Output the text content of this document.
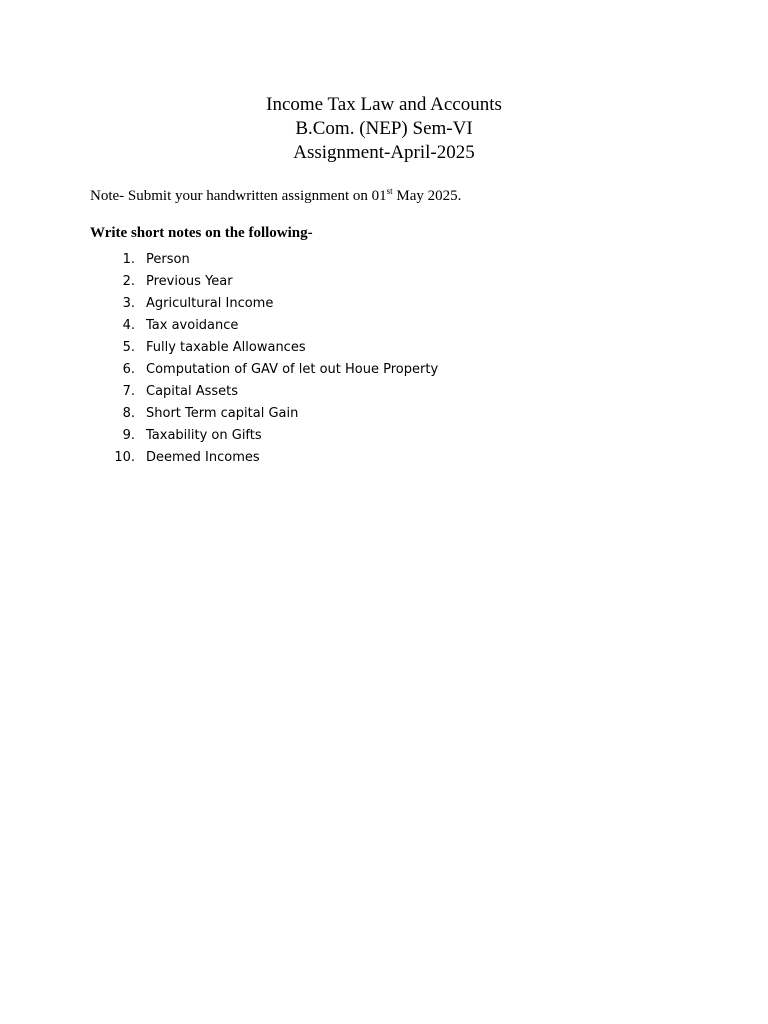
Income Tax Law and Accounts
B.Com. (NEP) Sem-VI
Assignment-April-2025
Note- Submit your handwritten assignment on 01st May 2025.
Write short notes on the following-
1. Person
2. Previous Year
3. Agricultural Income
4. Tax avoidance
5. Fully taxable Allowances
6. Computation of GAV of let out Houe Property
7. Capital Assets
8. Short Term capital Gain
9. Taxability on Gifts
10. Deemed Incomes
